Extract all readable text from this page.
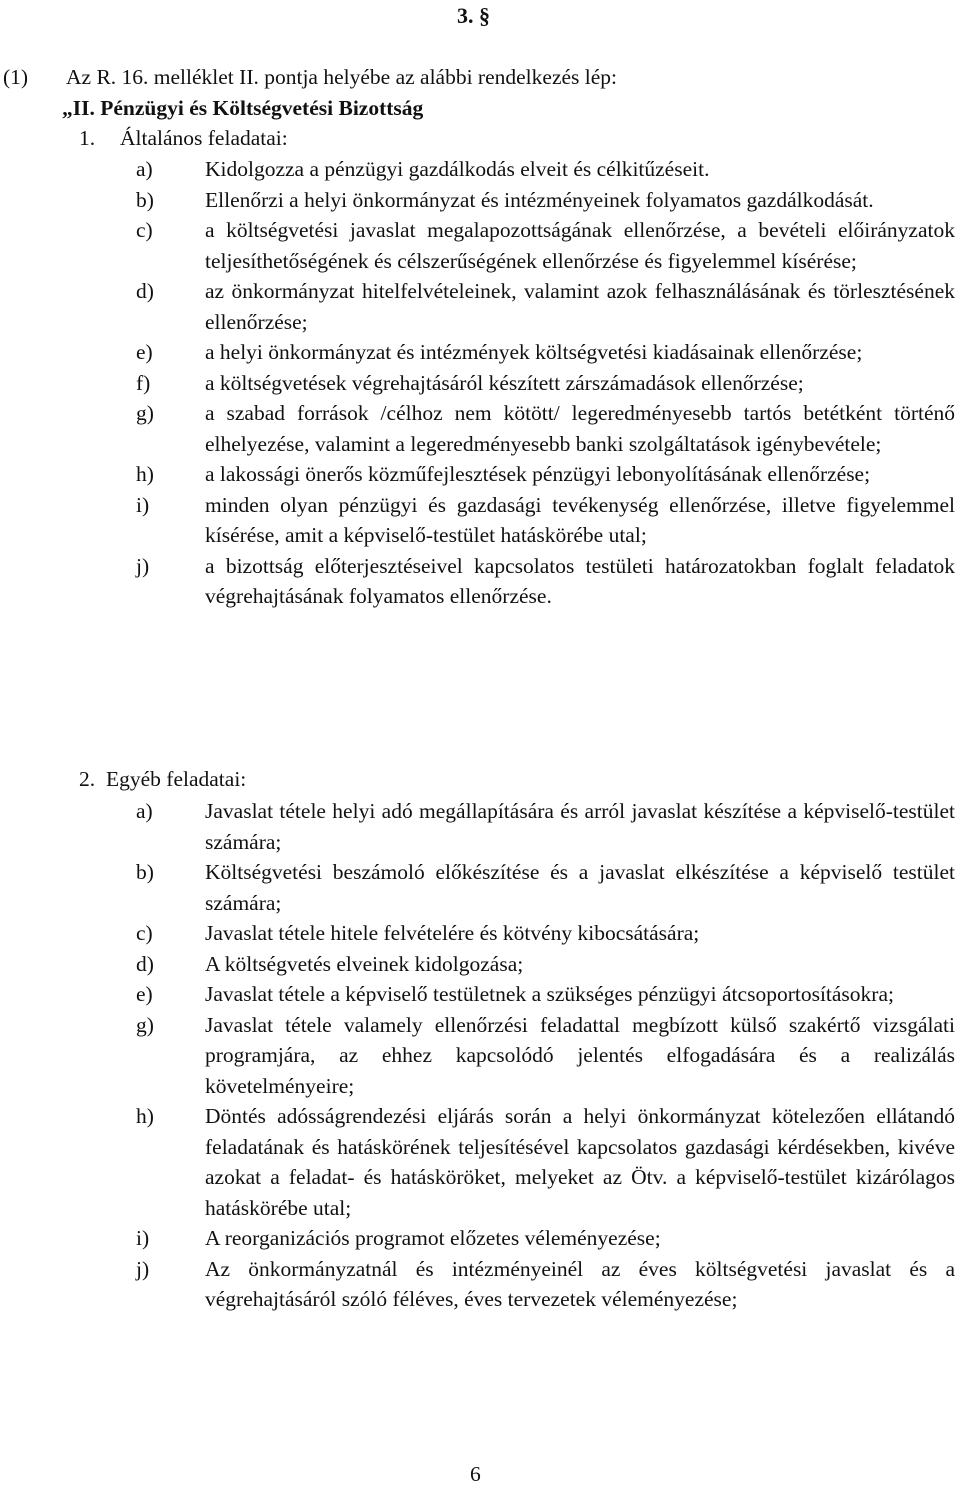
3. §
(1) Az R. 16. melléklet II. pontja helyébe az alábbi rendelkezés lép:
„II. Pénzügyi és Költségvetési Bizottság
1. Általános feladatai:
a) Kidolgozza a pénzügyi gazdálkodás elveit és célkitűzéseit.
b) Ellenőrzi a helyi önkormányzat és intézményeinek folyamatos gazdálkodását.
c) a költségvetési javaslat megalapozottságának ellenőrzése, a bevételi előirányzatok teljesíthetőségének és célszerűségének ellenőrzése és figyelemmel kísérése;
d) az önkormányzat hitelfelvételeinek, valamint azok felhasználásának és törlesztésének ellenőrzése;
e) a helyi önkormányzat és intézmények költségvetési kiadásainak ellenőrzése;
f)	a költségvetések végrehajtásáról készített zárszámadások ellenőrzése;
g) a szabad források /célhoz nem kötött/ legeredményesebb tartós betétként történő elhelyezése, valamint a legeredményesebb banki szolgáltatások igénybevétele;
h) a lakossági önerős közműfejlesztések pénzügyi lebonyolításának ellenőrzése;
i)	minden olyan pénzügyi és gazdasági tevékenység ellenőrzése, illetve figyelemmel kísérése, amit a képviselő-testület hatáskörébe utal;
j)	a bizottság előterjesztéseivel kapcsolatos testületi határozatokban foglalt feladatok végrehajtásának folyamatos ellenőrzése.
2. Egyéb feladatai:
a) Javaslat tétele helyi adó megállapítására és arról javaslat készítése a képviselő-testület számára;
b) Költségvetési beszámoló előkészítése és a javaslat elkészítése a képviselő testület számára;
c) Javaslat tétele hitele felvételére és kötvény kibocsátására;
d) A költségvetés elveinek kidolgozása;
e) Javaslat tétele a képviselő testületnek a szükséges pénzügyi átcsoportosításokra;
g) Javaslat tétele valamely ellenőrzési feladattal megbízott külső szakértő vizsgálati programjára, az ehhez kapcsolódó jelentés elfogadására és a realizálás követelményeire;
h) Döntés adósságrendezési eljárás során a helyi önkormányzat kötelezően ellátandó feladatának és hatáskörének teljesítésével kapcsolatos gazdasági kérdésekben, kivéve azokat a feladat- és hatásköröket, melyeket az Ötv. a képviselő-testület kizárólagos hatáskörébe utal;
i)	A reorganizációs programot előzetes véleményezése;
j)	Az önkormányzatnál és intézményeinél az éves költségvetési javaslat és a végrehajtásáról szóló féléves, éves tervezetek véleményezése;
6
